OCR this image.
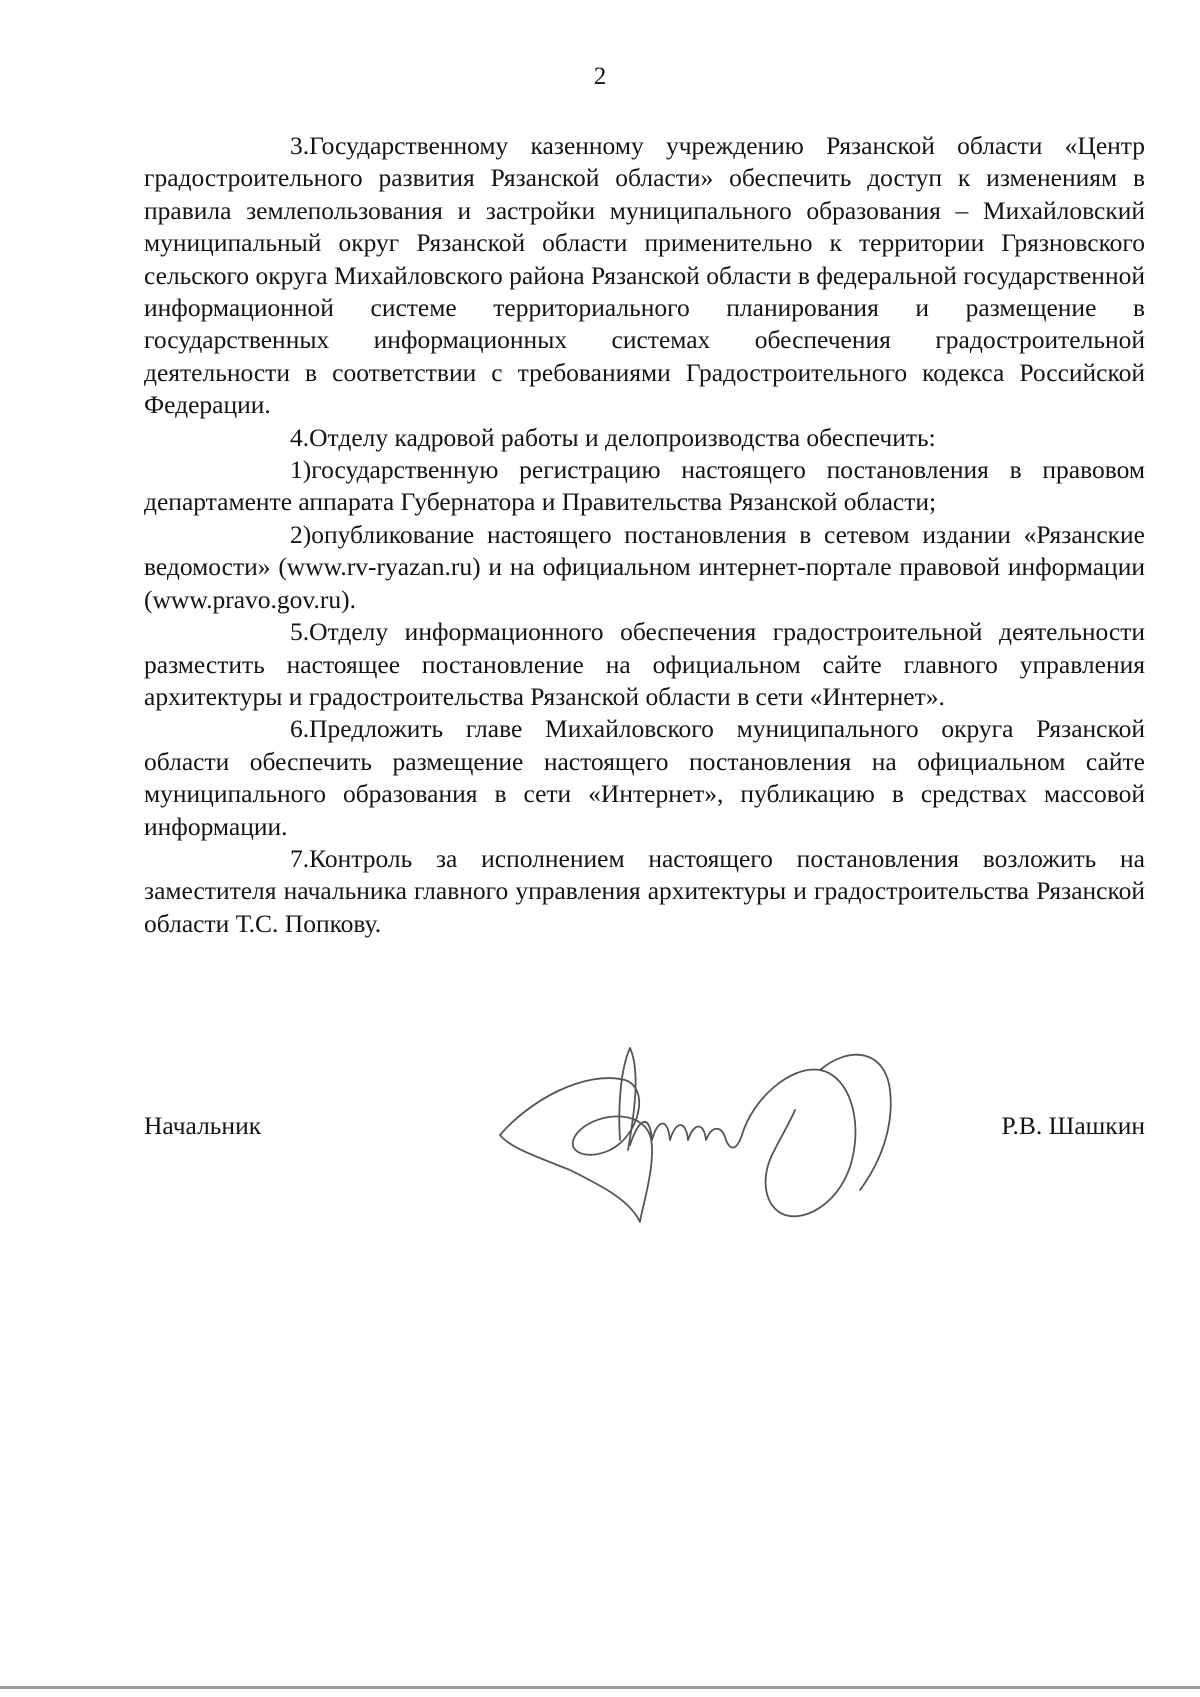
2

3.Государственному казенному учреждению Рязанской области «Центр градостроительного развития Рязанской области» обеспечить доступ к изменениям в правила землепользования и застройки муниципального образования – Михайловский муниципальный округ Рязанской области применительно к территории Грязновского сельского округа Михайловского района Рязанской области в федеральной государственной информационной системе территориального планирования и размещение в государственных информационных системах обеспечения градостроительной деятельности в соответствии с требованиями Градостроительного кодекса Российской Федерации.

4.Отделу кадровой работы и делопроизводства обеспечить:

1)государственную регистрацию настоящего постановления в правовом департаменте аппарата Губернатора и Правительства Рязанской области;

2)опубликование настоящего постановления в сетевом издании «Рязанские ведомости» (www.rv-ryazan.ru) и на официальном интернет-портале правовой информации (www.pravo.gov.ru).

5.Отделу информационного обеспечения градостроительной деятельности разместить настоящее постановление на официальном сайте главного управления архитектуры и градостроительства Рязанской области в сети «Интернет».

6.Предложить главе Михайловского муниципального округа Рязанской области обеспечить размещение настоящего постановления на официальном сайте муниципального образования в сети «Интернет», публикацию в средствах массовой информации.

7.Контроль за исполнением настоящего постановления возложить на заместителя начальника главного управления архитектуры и градостроительства Рязанской области Т.С. Попкову.

Начальник	Р.В. Шашкин
